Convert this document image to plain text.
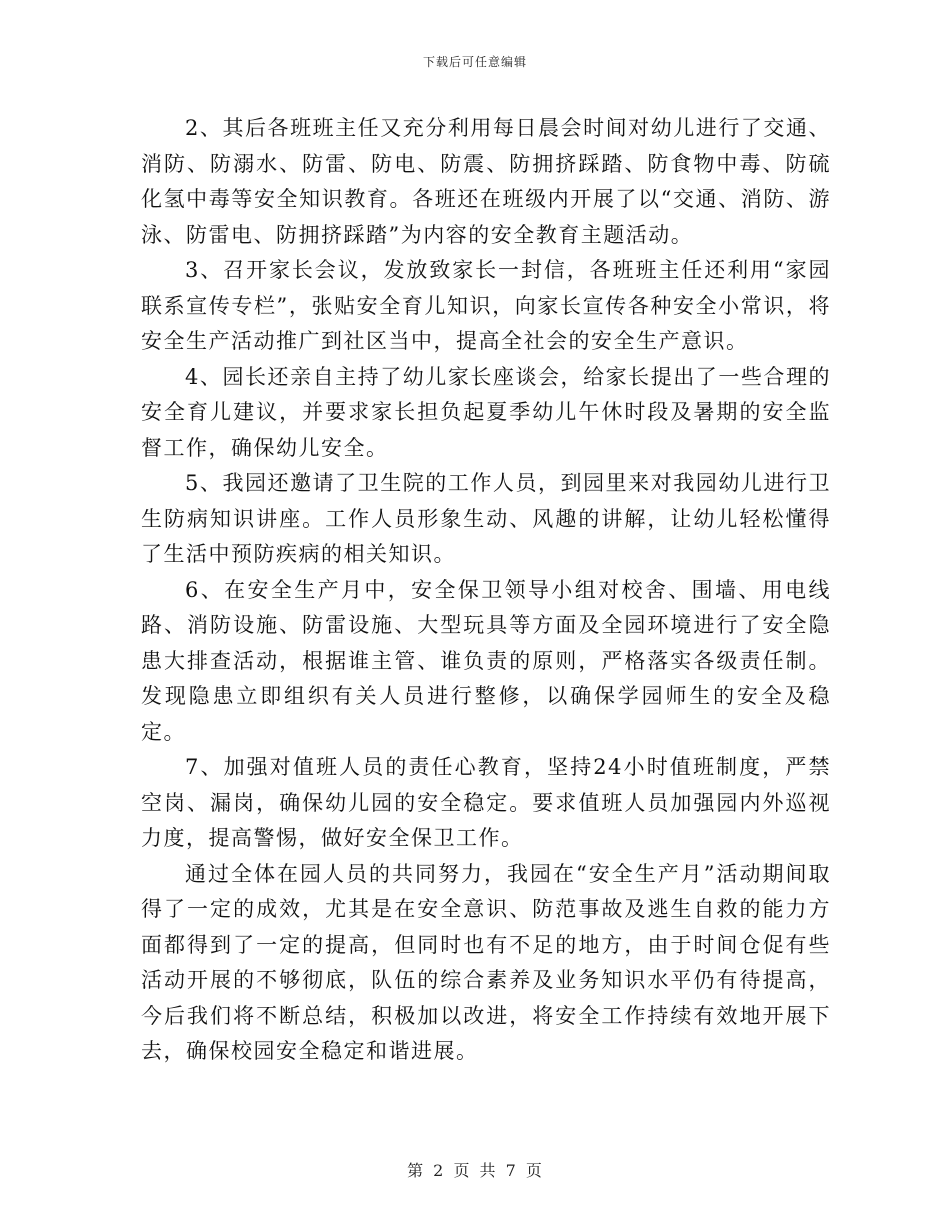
下载后可任意编辑

2、其后各班班主任又充分利用每日晨会时间对幼儿进行了交通、消防、防溺水、防雷、防电、防震、防拥挤踩踏、防食物中毒、防硫化氢中毒等安全知识教育。各班还在班级内开展了以“交通、消防、游泳、防雷电、防拥挤踩踏”为内容的安全教育主题活动。

3、召开家长会议，发放致家长一封信，各班班主任还利用“家园联系宣传专栏”，张贴安全育儿知识，向家长宣传各种安全小常识，将安全生产活动推广到社区当中，提高全社会的安全生产意识。

4、园长还亲自主持了幼儿家长座谈会，给家长提出了一些合理的安全育儿建议，并要求家长担负起夏季幼儿午休时段及暑期的安全监督工作，确保幼儿安全。

5、我园还邀请了卫生院的工作人员，到园里来对我园幼儿进行卫生防病知识讲座。工作人员形象生动、风趣的讲解，让幼儿轻松懂得了生活中预防疾病的相关知识。

6、在安全生产月中，安全保卫领导小组对校舍、围墙、用电线路、消防设施、防雷设施、大型玩具等方面及全园环境进行了安全隐患大排查活动，根据谁主管、谁负责的原则，严格落实各级责任制。发现隐患立即组织有关人员进行整修，以确保学园师生的安全及稳定。

7、加强对值班人员的责任心教育，坚持24小时值班制度，严禁空岗、漏岗，确保幼儿园的安全稳定。要求值班人员加强园内外巡视力度，提高警惕，做好安全保卫工作。

通过全体在园人员的共同努力，我园在“安全生产月”活动期间取得了一定的成效，尤其是在安全意识、防范事故及逃生自救的能力方面都得到了一定的提高，但同时也有不足的地方，由于时间仓促有些活动开展的不够彻底，队伍的综合素养及业务知识水平仍有待提高，今后我们将不断总结，积极加以改进，将安全工作持续有效地开展下去，确保校园安全稳定和谐进展。

第 2 页 共 7 页
